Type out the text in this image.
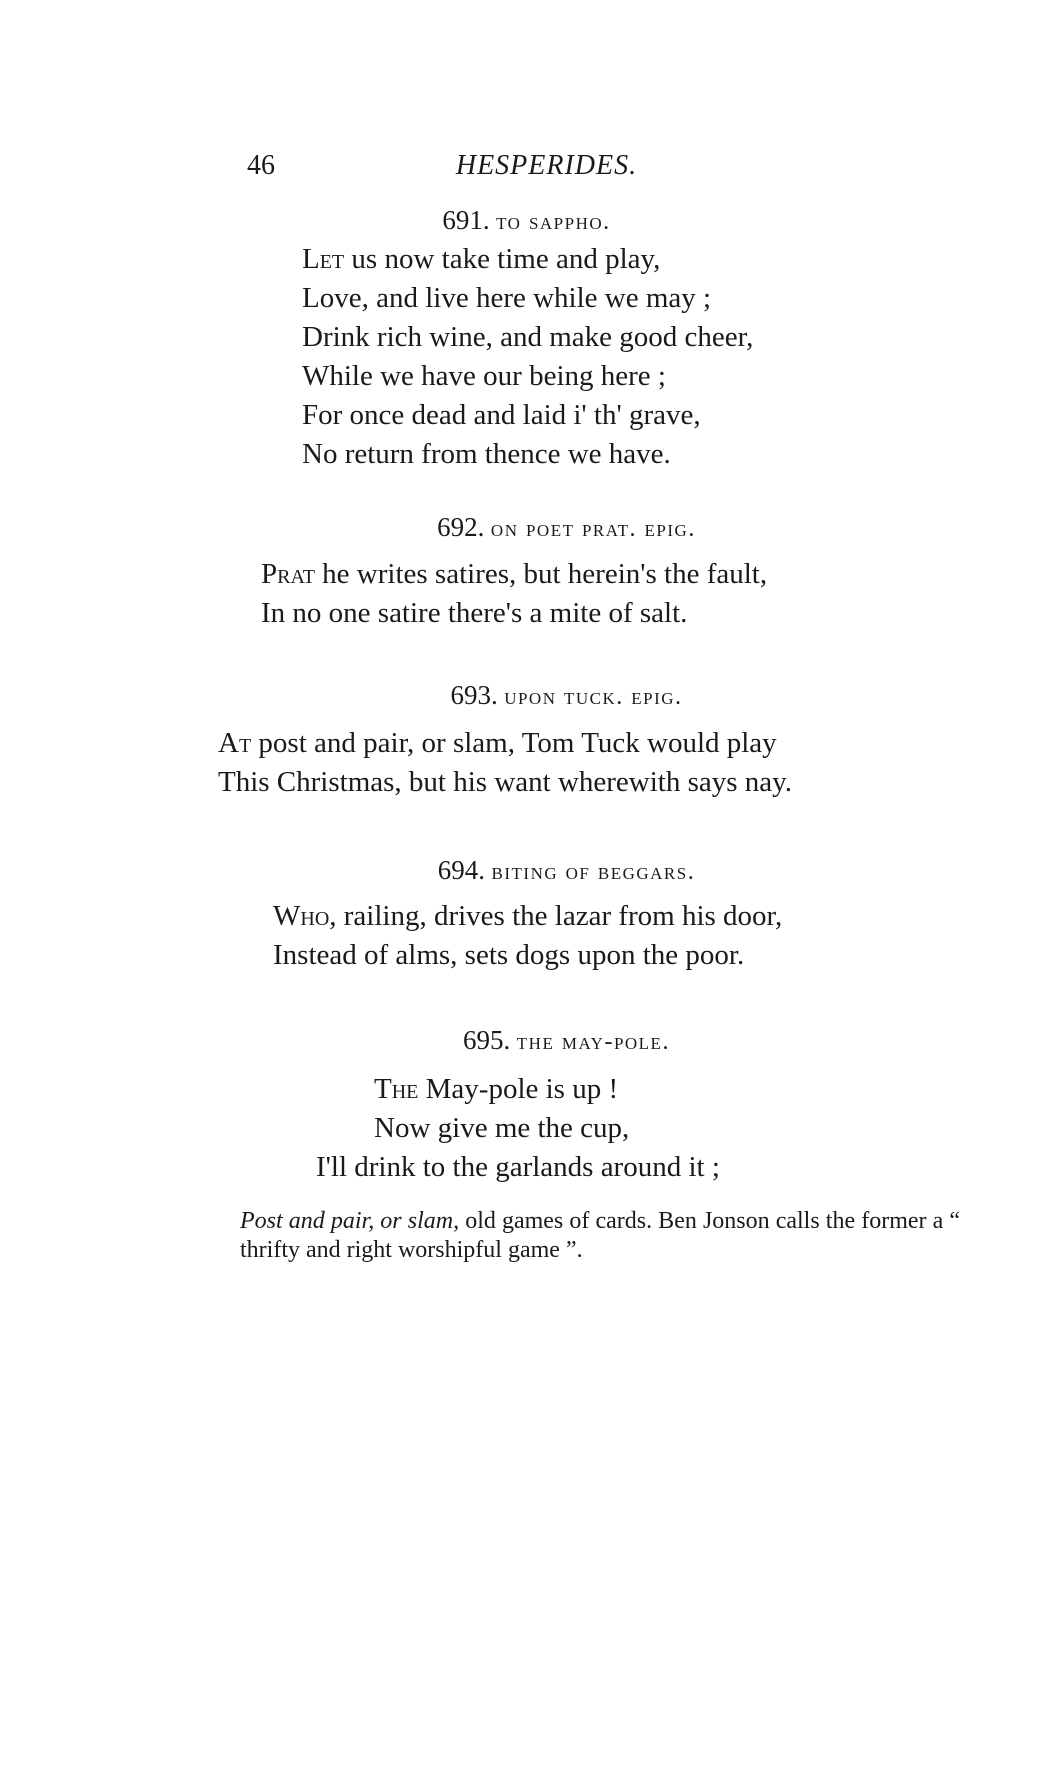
46	HESPERIDES.
691. to sappho.
Let us now take time and play,
Love, and live here while we may ;
Drink rich wine, and make good cheer,
While we have our being here ;
For once dead and laid i' th' grave,
No return from thence we have.
692. on poet prat. epig.
Prat he writes satires, but herein's the fault,
In no one satire there's a mite of salt.
693. upon tuck. epig.
At post and pair, or slam, Tom Tuck would play
This Christmas, but his want wherewith says nay.
694. biting of beggars.
Who, railing, drives the lazar from his door,
Instead of alms, sets dogs upon the poor.
695. the may-pole.
The May-pole is up !
Now give me the cup,
I'll drink to the garlands around it ;
Post and pair, or slam, old games of cards. Ben Jonson calls the former a “ thrifty and right worshipful game ”.
